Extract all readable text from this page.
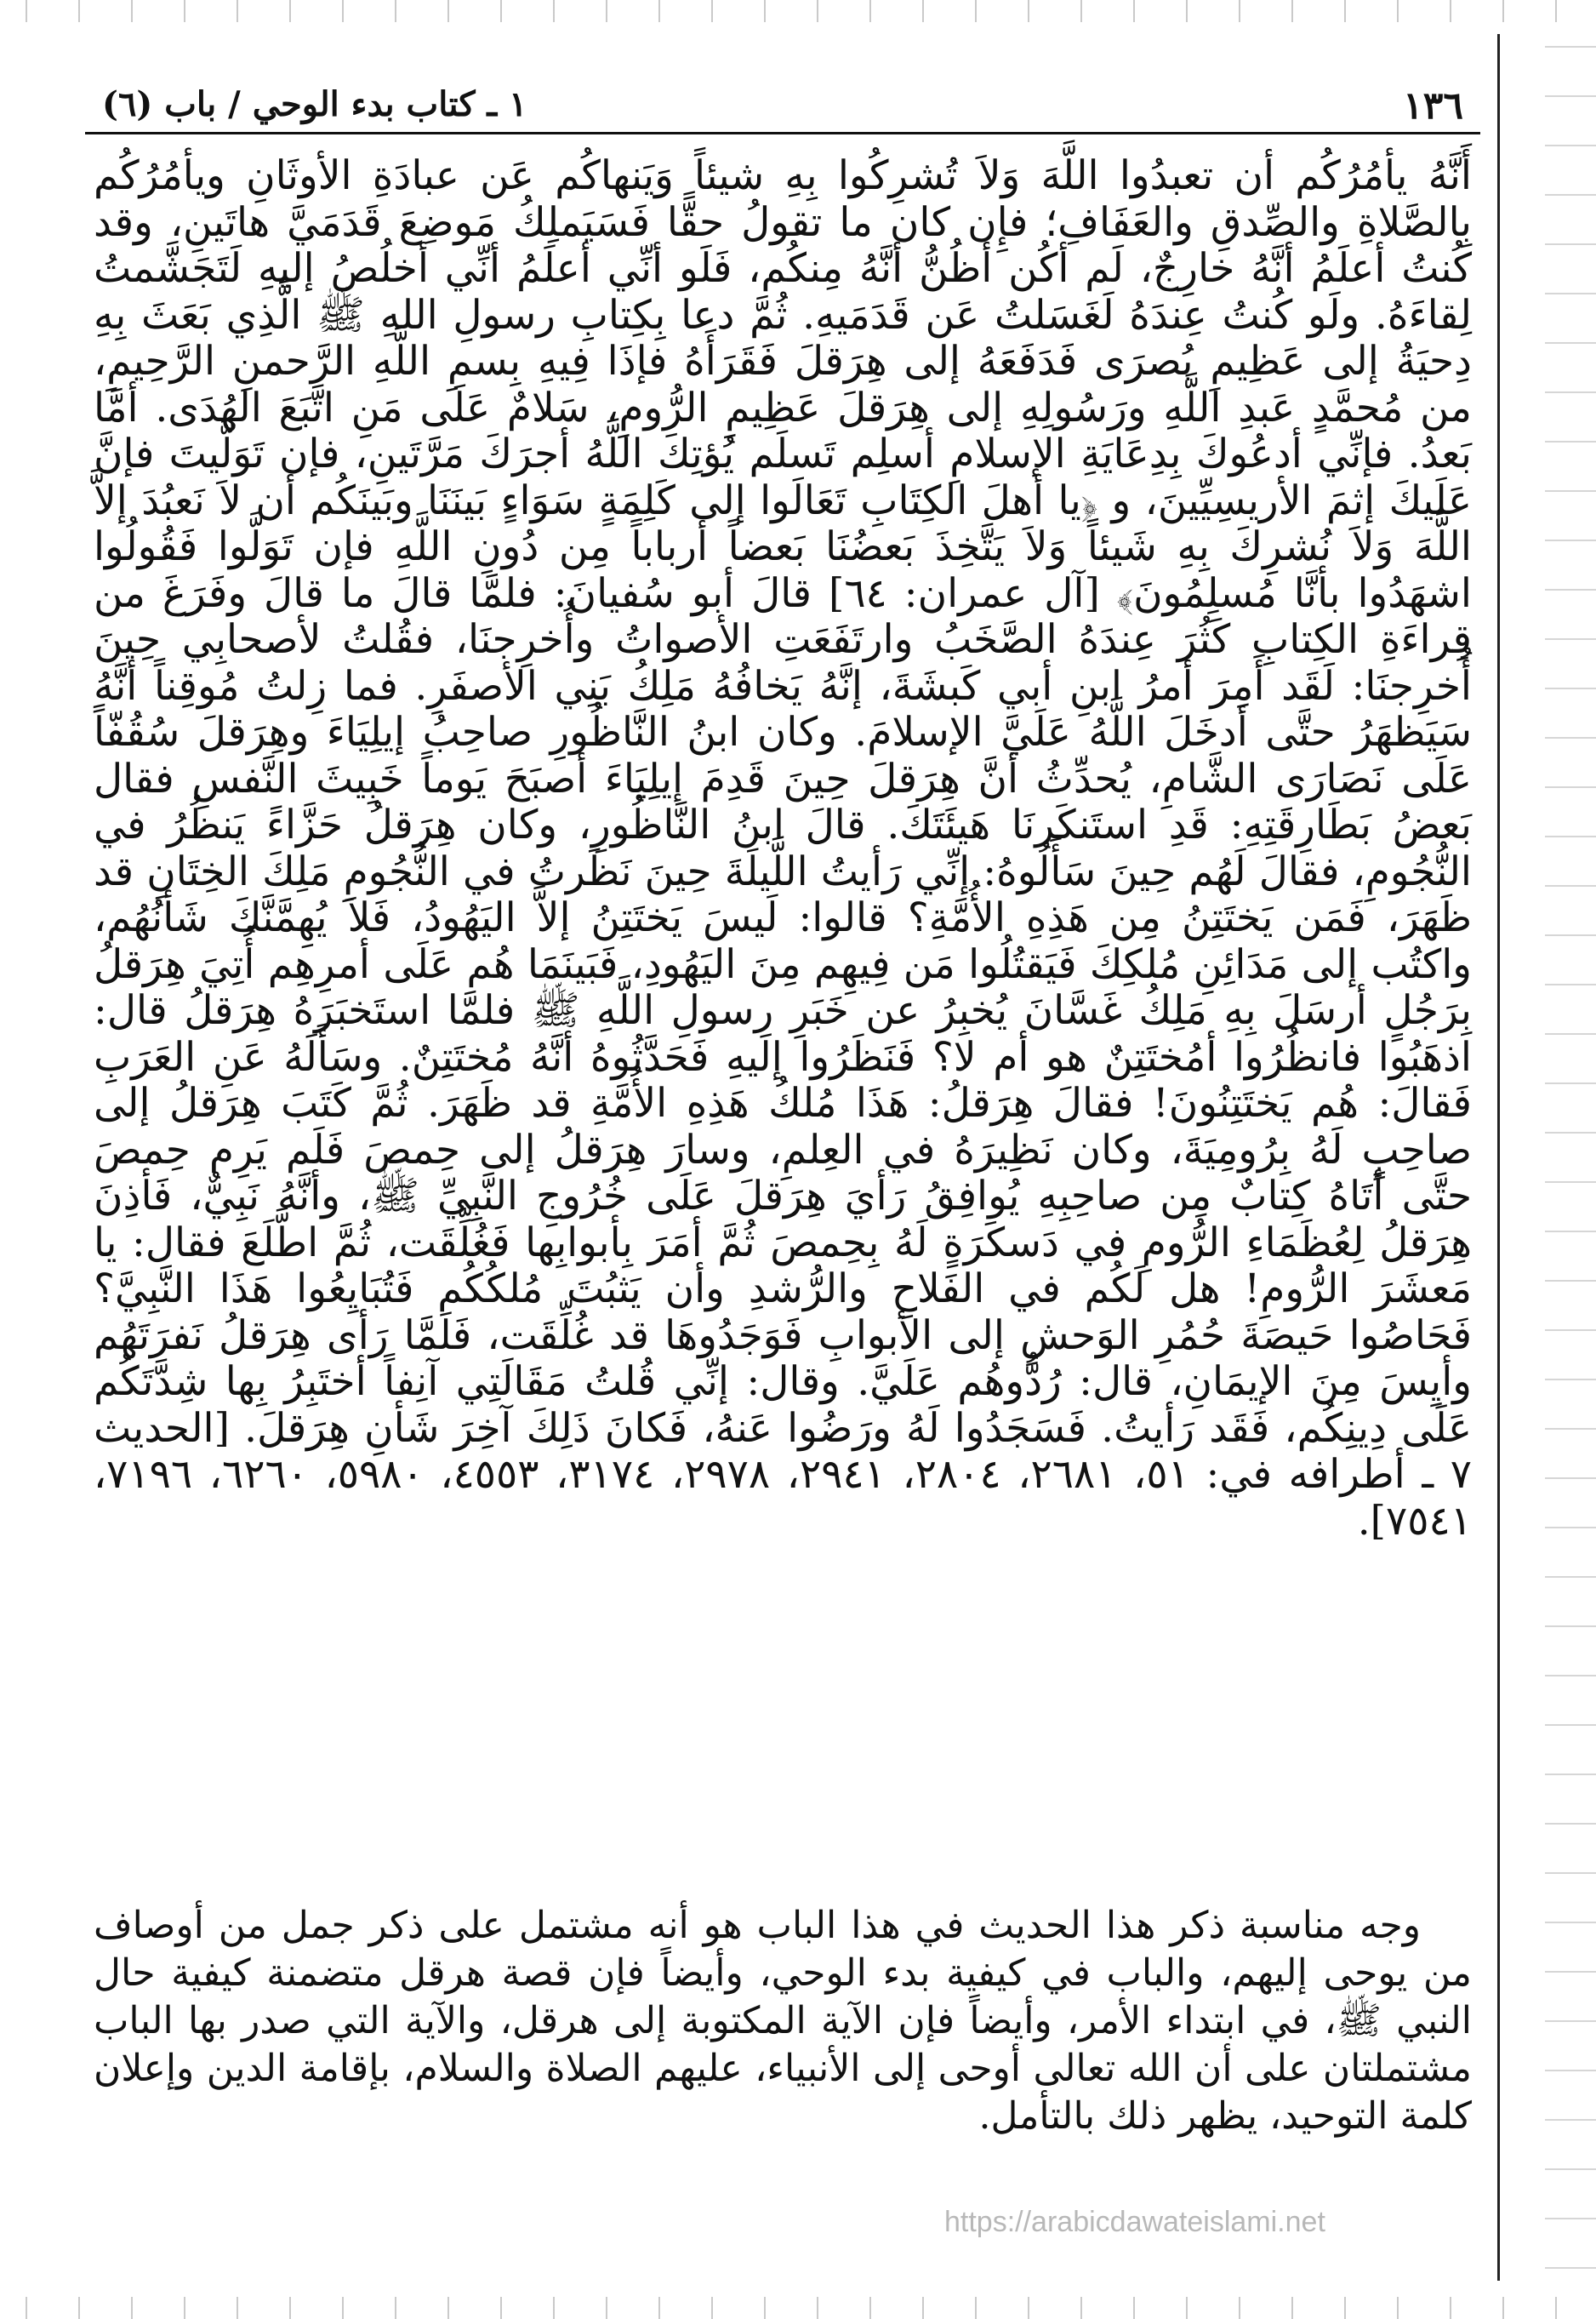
١٣٦
١ ـ كتاب بدء الوحي / باب (٦)

أَنَّهُ يأمُرُكُم أن تعبدُوا اللَّهَ وَلاَ تُشرِكُوا بِهِ شيئاً وَيَنهاكُم عَن عبادَةِ الأوثَانِ ويأمُرُكُم بِالصَّلاةِ والصِّدقِ والعَفَافِ؛ فإِن كان ما تقولُ حقًّا فَسَيَملِكُ مَوضِعَ قَدَمَيَّ هاتَينِ، وقد كُنتُ أعلَمُ أنَّهُ خارِجٌ، لَم أكُن أظُنُّ أنَّهُ مِنكُم، فَلَو أنِّي أعلَمُ أنِّي أخلُصُ إليهِ لَتَجَشَّمتُ لِقاءَهُ. ولَو كُنتُ عِندَهُ لَغَسَلتُ عَن قَدَمَيهِ. ثُمَّ دعا بِكِتابِ رسولِ اللهِ ﷺ الَّذِي بَعَثَ بِهِ دِحيَةُ إلى عَظِيمِ بُصرَى فَدَفَعَهُ إلى هِرَقلَ فَقَرَأَهُ فإذَا فِيهِ بِسمِ اللَّهِ الرَّحمنِ الرَّحِيمِ، من مُحمَّدٍ عَبدِ اللَّهِ ورَسُولِهِ إلى هِرَقلَ عَظِيمِ الرُّومِ، سَلامٌ عَلَى مَنِ اتَّبَعَ الهُدَى. أمَّا بَعدُ. فإنِّي أدعُوكَ بِدِعَايَةِ الإسلامِ أسلِم تَسلَم يُؤتِكَ اللَّهُ أجرَكَ مَرَّتَينِ، فإن تَوَلَّيتَ فإنَّ عَلَيكَ إثمَ الأريسِيِّينَ، و ﴿يا أهلَ الكِتَابِ تَعَالَوا إلى كَلِمَةٍ سَوَاءٍ بَينَنَا وبَينَكُم أن لاَ نَعبُدَ إلاَّ اللَّهَ وَلاَ نُشرِكَ بِهِ شَيئاً وَلاَ يَتَّخِذَ بَعضُنَا بَعضاً أرباباً مِن دُونِ اللَّهِ فإن تَوَلَّوا فَقُولُوا اشهَدُوا بأنَّا مُسلِمُونَ﴾ [آل عمران: ٦٤] قالَ أبو سُفيانَ: فلمَّا قالَ ما قالَ وفَرَغَ من قِراءَةِ الكِتابِ كَثُرَ عِندَهُ الصَّخَبُ وارتَفَعَتِ الأصواتُ وأُخرِجنَا، فقُلتُ لأصحابِي حِينَ أُخرِجنَا: لَقَد أَمِرَ أمرُ ابنِ أبي كَبشَةَ، إنَّهُ يَخافُهُ مَلِكُ بَنِي الأصفَرِ. فما زِلتُ مُوقِناً أنَّهُ سَيَظهَرُ حتَّى أدخَلَ اللَّهُ عَلَيَّ الإسلامَ. وكان ابنُ النَّاظُورِ صاحِبُ إيلِيَاءَ وهِرَقلَ سُقُفّاً عَلَى نَصَارَى الشَّامِ، يُحدِّثُ أنَّ هِرَقلَ حِينَ قَدِمَ إيلِيَاءَ أصبَحَ يَوماً خَبِيثَ النَّفسِ فقال بَعضُ بَطَارِقَتِهِ: قَدِ استَنكَرنَا هَيئَتَكَ. قالَ ابنُ النَّاظُورِ، وكان هِرَقلُ حَزَّاءً يَنظُرُ في النُّجُومِ، فقالَ لَهُم حِينَ سَأَلُوهُ: إنِّي رَأيتُ اللَّيلَةَ حِينَ نَظَرتُ في النُّجُومِ مَلِكَ الخِتَانِ قد ظَهَرَ، فَمَن يَختَتِنُ مِن هَذِهِ الأُمَّةِ؟ قالوا: لَيسَ يَختَتِنُ إلاَّ اليَهُودُ، فَلاَ يُهِمَّنَّكَ شَأنُهُم، واكتُب إلى مَدَائِنِ مُلكِكَ فَيَقتُلُوا مَن فِيهِم مِنَ اليَهُودِ، فَبَينَمَا هُم عَلَى أمرِهِم أُتِيَ هِرَقلُ بِرَجُلٍ أرسَلَ بِهِ مَلِكُ غَسَّانَ يُخبِرُ عن خَبَرِ رسولِ اللَّهِ ﷺ فلمَّا استَخبَرَهُ هِرَقلُ قال: اذهَبُوا فانظُرُوا أمُختَتِنٌ هو أم لا؟ فَنَظَرُوا إلَيهِ فَحَدَّثُوهُ أنَّهُ مُختَتِنٌ. وسَأَلَهُ عَنِ العَرَبِ فَقالَ: هُم يَختَتِنُونَ! فقالَ هِرَقلُ: هَذَا مُلكُ هَذِهِ الأُمَّةِ قد ظَهَرَ. ثُمَّ كَتَبَ هِرَقلُ إلى صاحِبٍ لَهُ بِرُومِيَةَ، وكان نَظِيرَهُ في العِلمِ، وسارَ هِرَقلُ إلى حِمصَ فَلَم يَرِم حِمصَ حتَّى أتَاهُ كِتابٌ مِن صاحِبِهِ يُوافِقُ رَأيَ هِرَقلَ عَلَى خُرُوجِ النَّبِيِّ ﷺ، وأنَّهُ نَبِيٌّ، فَأذِنَ هِرَقلُ لِعُظَمَاءِ الرُّومِ في دَسكَرَةٍ لَهُ بِحِمصَ ثُمَّ أمَرَ بِأبوابِها فَغُلِّقَت، ثُمَّ اطَّلَعَ فقال: يا مَعشَرَ الرُّومِ! هل لَكُم في الفَلاحِ والرُّشدِ وأن يَثبُتَ مُلكُكُم فَتُبَايِعُوا هَذَا النَّبِيَّ؟ فَحَاصُوا حَيصَةَ حُمُرِ الوَحشِ إلى الأبوابِ فَوَجَدُوهَا قد غُلِّقَت، فَلَمَّا رَأى هِرَقلُ نَفرَتَهُم وأيِسَ مِنَ الإيمَانِ، قال: رُدُّوهُم عَلَيَّ. وقال: إنِّي قُلتُ مَقَالَتِي آنِفاً أختَبِرُ بِها شِدَّتَكُم عَلَى دِينِكُم، فَقَد رَأيتُ. فَسَجَدُوا لَهُ ورَضُوا عَنهُ، فَكانَ ذَلِكَ آخِرَ شَأنِ هِرَقلَ. [الحديث ٧ ـ أطرافه في: ٥١، ٢٦٨١، ٢٨٠٤، ٢٩٤١، ٢٩٧٨، ٣١٧٤، ٤٥٥٣، ٥٩٨٠، ٦٢٦٠، ٧١٩٦، ٧٥٤١].

وجه مناسبة ذكر هذا الحديث في هذا الباب هو أنه مشتمل على ذكر جمل من أوصاف من يوحى إليهم، والباب في كيفية بدء الوحي، وأيضاً فإن قصة هرقل متضمنة كيفية حال النبي ﷺ، في ابتداء الأمر، وأيضاً فإن الآية المكتوبة إلى هرقل، والآية التي صدر بها الباب مشتملتان على أن الله تعالى أوحى إلى الأنبياء، عليهم الصلاة والسلام، بإقامة الدين وإعلان كلمة التوحيد، يظهر ذلك بالتأمل.

https://arabicdawateislami.net
